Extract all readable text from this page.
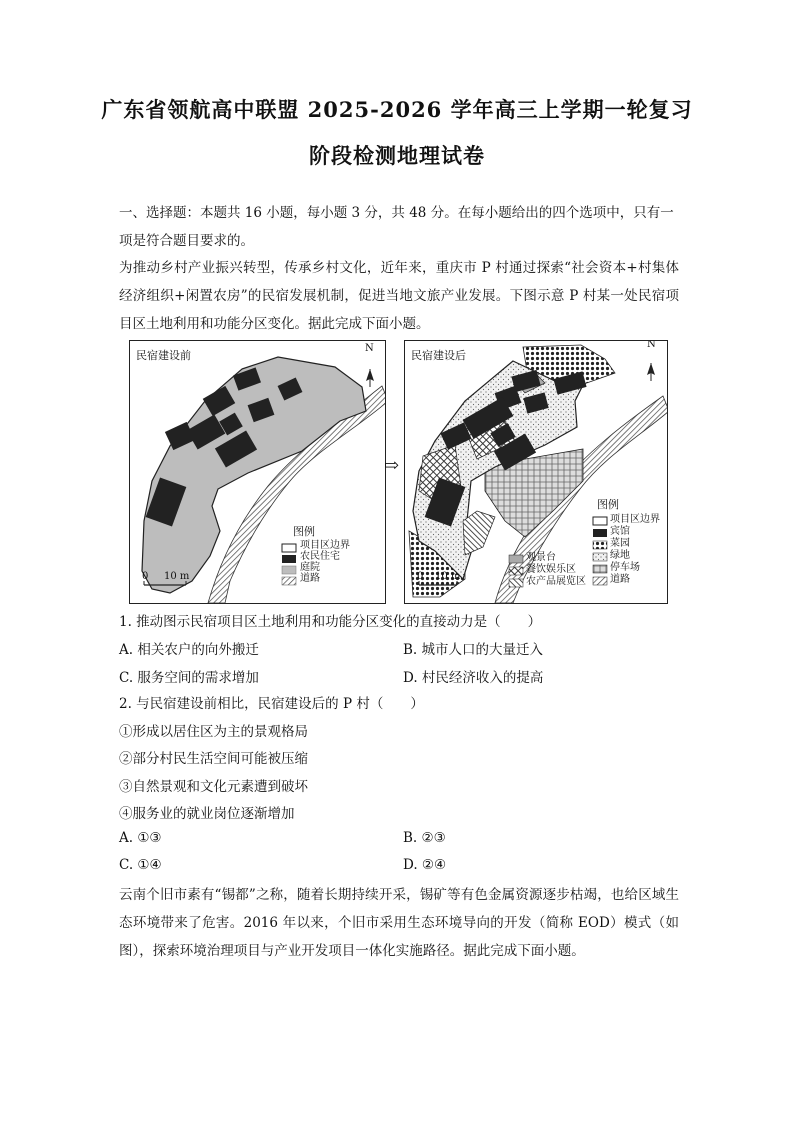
广东省领航高中联盟 2025-2026 学年高三上学期一轮复习
阶段检测地理试卷
一、选择题：本题共 16 小题，每小题 3 分，共 48 分。在每小题给出的四个选项中，只有一
项是符合题目要求的。
为推动乡村产业振兴转型，传承乡村文化，近年来，重庆市 P 村通过探索“社会资本+村集体经济组织+闲置农房”的民宿发展机制，促进当地文旅产业发展。下图示意 P 村某一处民宿项目区土地利用和功能分区变化。据此完成下面小题。
民宿建设前
N
图例
项目区边界
农民住宅
庭院
道路
0 10 m
⇨
民宿建设后
N
图例
项目区边界
宾馆
菜园
绿地
停车场
道路
观景台
餐饮娱乐区
农产品展览区
0 10 m
1. 推动图示民宿项目区土地利用和功能分区变化的直接动力是（　　）
A. 相关农户的向外搬迁	B. 城市人口的大量迁入
C. 服务空间的需求增加	D. 村民经济收入的提高
2. 与民宿建设前相比，民宿建设后的 P 村（　　）
①形成以居住区为主的景观格局
②部分村民生活空间可能被压缩
③自然景观和文化元素遭到破坏
④服务业的就业岗位逐渐增加
A. ①③	B. ②③
C. ①④	D. ②④
云南个旧市素有“锡都”之称，随着长期持续开采，锡矿等有色金属资源逐步枯竭，也给区域生态环境带来了危害。2016 年以来，个旧市采用生态环境导向的开发（简称 EOD）模式（如图），探索环境治理项目与产业开发项目一体化实施路径。据此完成下面小题。
